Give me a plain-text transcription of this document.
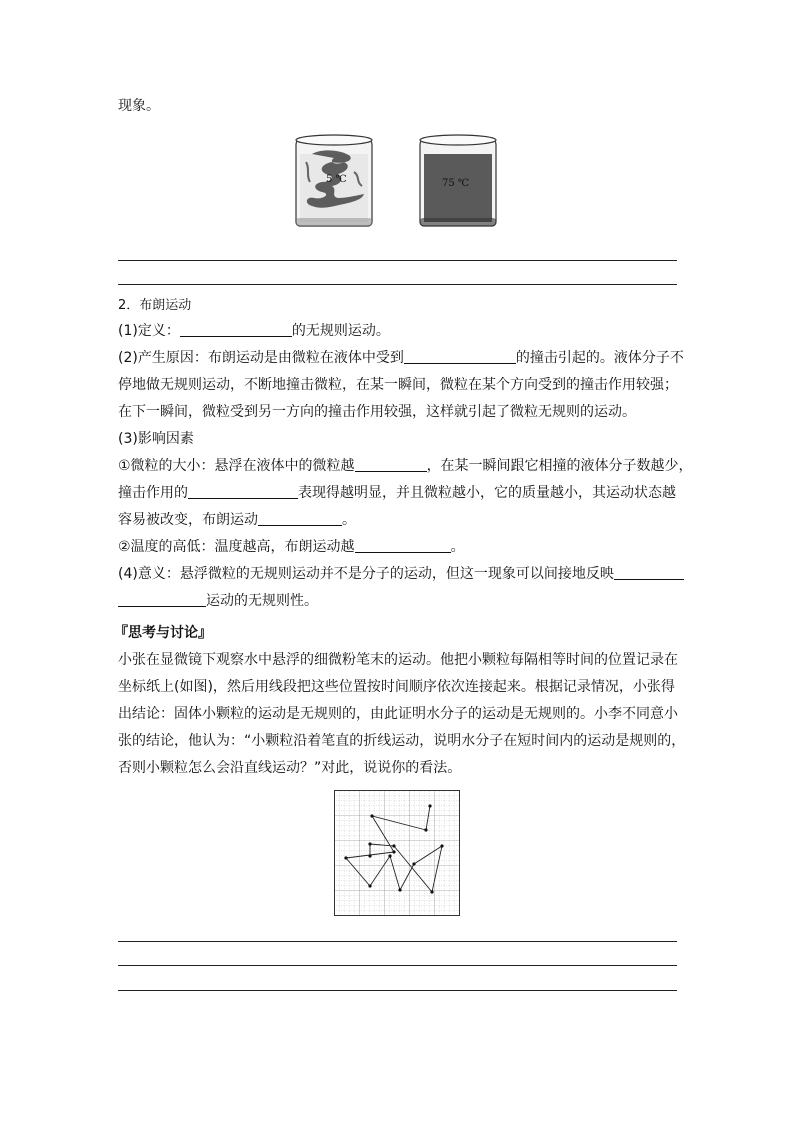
现象。
5 ℃	75 ℃
2．布朗运动
(1)定义：	的无规则运动。
(2)产生原因：布朗运动是由微粒在液体中受到	的撞击引起的。液体分子不
停地做无规则运动，不断地撞击微粒，在某一瞬间，微粒在某个方向受到的撞击作用较强；
在下一瞬间，微粒受到另一方向的撞击作用较强，这样就引起了微粒无规则的运动。
(3)影响因素
①微粒的大小：悬浮在液体中的微粒越	，在某一瞬间跟它相撞的液体分子数越少，
撞击作用的	表现得越明显，并且微粒越小，它的质量越小，其运动状态越
容易被改变，布朗运动	。
②温度的高低：温度越高，布朗运动越	。
(4)意义：悬浮微粒的无规则运动并不是分子的运动，但这一现象可以间接地反映
运动的无规则性。
『思考与讨论』
小张在显微镜下观察水中悬浮的细微粉笔末的运动。他把小颗粒每隔相等时间的位置记录在
坐标纸上(如图)，然后用线段把这些位置按时间顺序依次连接起来。根据记录情况，小张得
出结论：固体小颗粒的运动是无规则的，由此证明水分子的运动是无规则的。小李不同意小
张的结论，他认为：“小颗粒沿着笔直的折线运动，说明水分子在短时间内的运动是规则的，
否则小颗粒怎么会沿直线运动？”对此，说说你的看法。
